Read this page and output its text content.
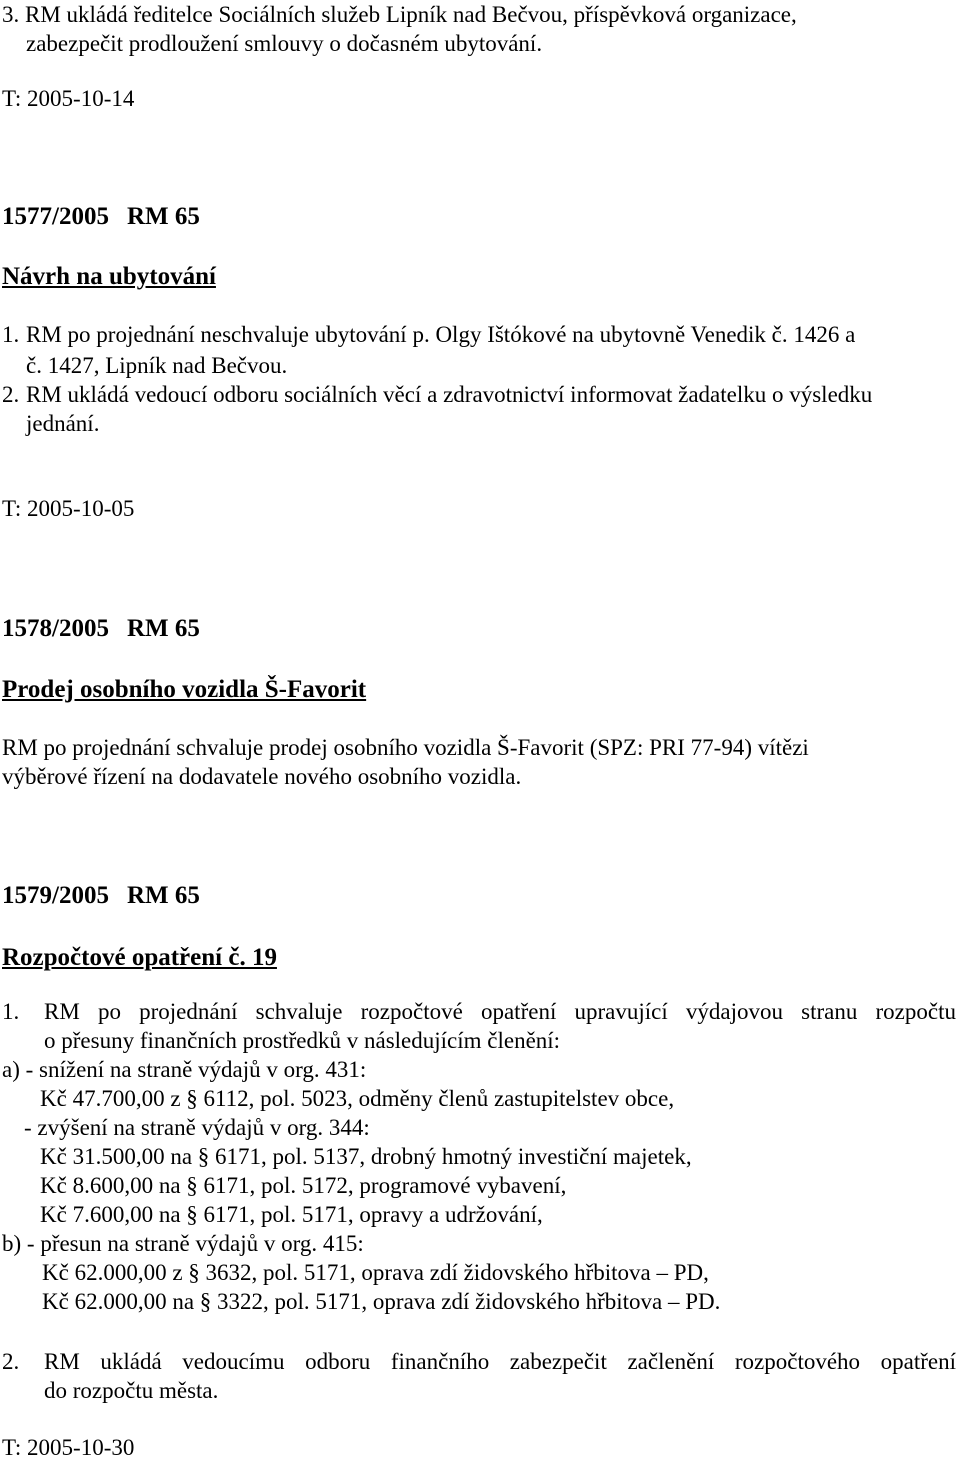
3. RM ukládá ředitelce Sociálních služeb Lipník nad Bečvou, příspěvková organizace,
zabezpečit prodloužení smlouvy o dočasném ubytování.
T: 2005-10-14
1577/2005 RM 65
Návrh na ubytování
1. RM po projednání neschvaluje ubytování p. Olgy Ištókové na ubytovně Venedik č. 1426 a
č. 1427, Lipník nad Bečvou.
2. RM ukládá vedoucí odboru sociálních věcí a zdravotnictví informovat žadatelku o výsledku
jednání.
T: 2005-10-05
1578/2005 RM 65
Prodej osobního vozidla Š-Favorit
RM po projednání schvaluje prodej osobního vozidla Š-Favorit (SPZ: PRI 77-94) vítězi
výběrové řízení na dodavatele nového osobního vozidla.
1579/2005 RM 65
Rozpočtové opatření č. 19
1. RM po projednání schvaluje rozpočtové opatření upravující výdajovou stranu rozpočtu
o přesuny finančních prostředků v následujícím členění:
a) - snížení na straně výdajů v org. 431:
Kč 47.700,00 z § 6112, pol. 5023, odměny členů zastupitelstev obce,
- zvýšení na straně výdajů v org. 344:
Kč 31.500,00 na § 6171, pol. 5137, drobný hmotný investiční majetek,
Kč 8.600,00 na § 6171, pol. 5172, programové vybavení,
Kč 7.600,00 na § 6171, pol. 5171, opravy a udržování,
b) - přesun na straně výdajů v org. 415:
Kč 62.000,00 z § 3632, pol. 5171, oprava zdí židovského hřbitova – PD,
Kč 62.000,00 na § 3322, pol. 5171, oprava zdí židovského hřbitova – PD.
2. RM ukládá vedoucímu odboru finančního zabezpečit začlenění rozpočtového opatření
do rozpočtu města.
T: 2005-10-30
